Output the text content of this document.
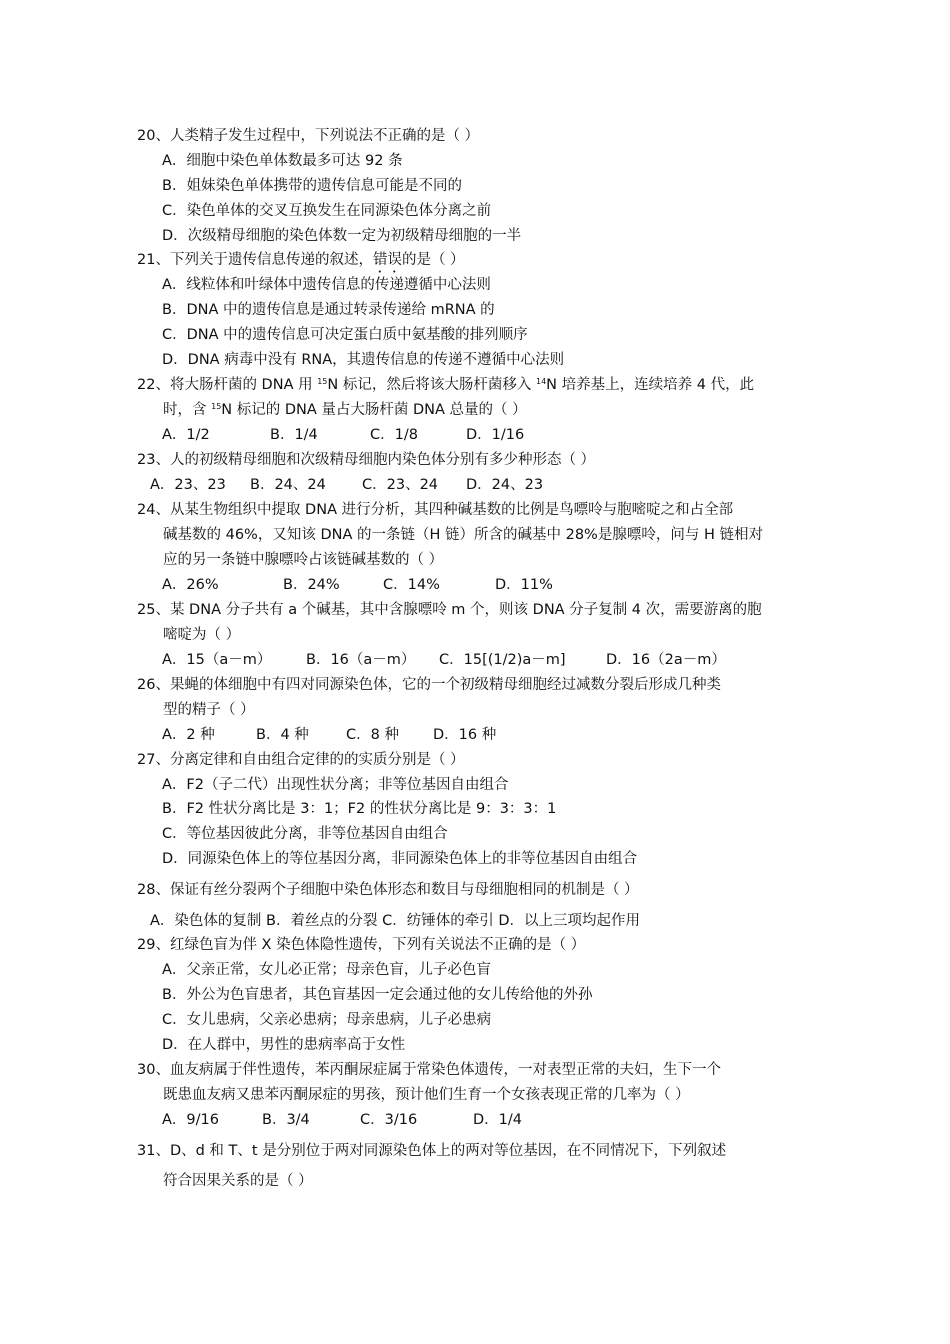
20、人类精子发生过程中，下列说法不正确的是（ ）
A．细胞中染色单体数最多可达 92 条
B．姐妹染色单体携带的遗传信息可能是不同的
C．染色单体的交叉互换发生在同源染色体分离之前
D．次级精母细胞的染色体数一定为初级精母细胞的一半
21、下列关于遗传信息传递的叙述，错误的是（ ）
A．线粒体和叶绿体中遗传信息的传递遵循中心法则
B．DNA 中的遗传信息是通过转录传递给 mRNA 的
C．DNA 中的遗传信息可决定蛋白质中氨基酸的排列顺序
D．DNA 病毒中没有 RNA，其遗传信息的传递不遵循中心法则
22、将大肠杆菌的 DNA 用 $^{15}$N 标记，然后将该大肠杆菌移入 $^{14}$N 培养基上，连续培养 4 代，此
时，含 $^{15}$N 标记的 DNA 量占大肠杆菌 DNA 总量的（ ）
A．1/2	B．1/4	C．1/8	D．1/16
23、人的初级精母细胞和次级精母细胞内染色体分别有多少种形态（ ）
A．23、23 B．24、24 C．23、24 D．24、23
24、从某生物组织中提取 DNA 进行分析，其四种碱基数的比例是鸟嘌呤与胞嘧啶之和占全部
碱基数的 46%，又知该 DNA 的一条链（H 链）所含的碱基中 28%是腺嘌呤，问与 H 链相对
应的另一条链中腺嘌呤占该链碱基数的（ ）
A．26%	B．24%	C．14%	D．11%
25、某 DNA 分子共有 a 个碱基，其中含腺嘌呤 m 个，则该 DNA 分子复制 4 次，需要游离的胞
嘧啶为（ ）
A．15（a－m） B．16（a－m） C．15[(1/2)a－m]	D．16（2a－m）
26、果蝇的体细胞中有四对同源染色体，它的一个初级精母细胞经过减数分裂后形成几种类
型的精子（ ）
A．2 种	B．4 种	C．8 种 D．16 种
27、分离定律和自由组合定律的的实质分别是（ ）
A．F2（子二代）出现性状分离；非等位基因自由组合
B．F2 性状分离比是 3：1；F2 的性状分离比是 9：3：3：1
C．等位基因彼此分离，非等位基因自由组合
D．同源染色体上的等位基因分离，非同源染色体上的非等位基因自由组合
28、保证有丝分裂两个子细胞中染色体形态和数目与母细胞相同的机制是（ ）
A．染色体的复制 B．着丝点的分裂 C．纺锤体的牵引 D．以上三项均起作用
29、红绿色盲为伴 X 染色体隐性遗传，下列有关说法不正确的是（ ）
A．父亲正常，女儿必正常；母亲色盲，儿子必色盲
B．外公为色盲患者，其色盲基因一定会通过他的女儿传给他的外孙
C．女儿患病，父亲必患病；母亲患病，儿子必患病
D．在人群中，男性的患病率高于女性
30、血友病属于伴性遗传，苯丙酮尿症属于常染色体遗传，一对表型正常的夫妇，生下一个
既患血友病又患苯丙酮尿症的男孩，预计他们生育一个女孩表现正常的几率为（ ）
A．9/16	B．3/4	C．3/16	D．1/4
31、D、d 和 T、t 是分别位于两对同源染色体上的两对等位基因，在不同情况下，下列叙述
符合因果关系的是（ ）
